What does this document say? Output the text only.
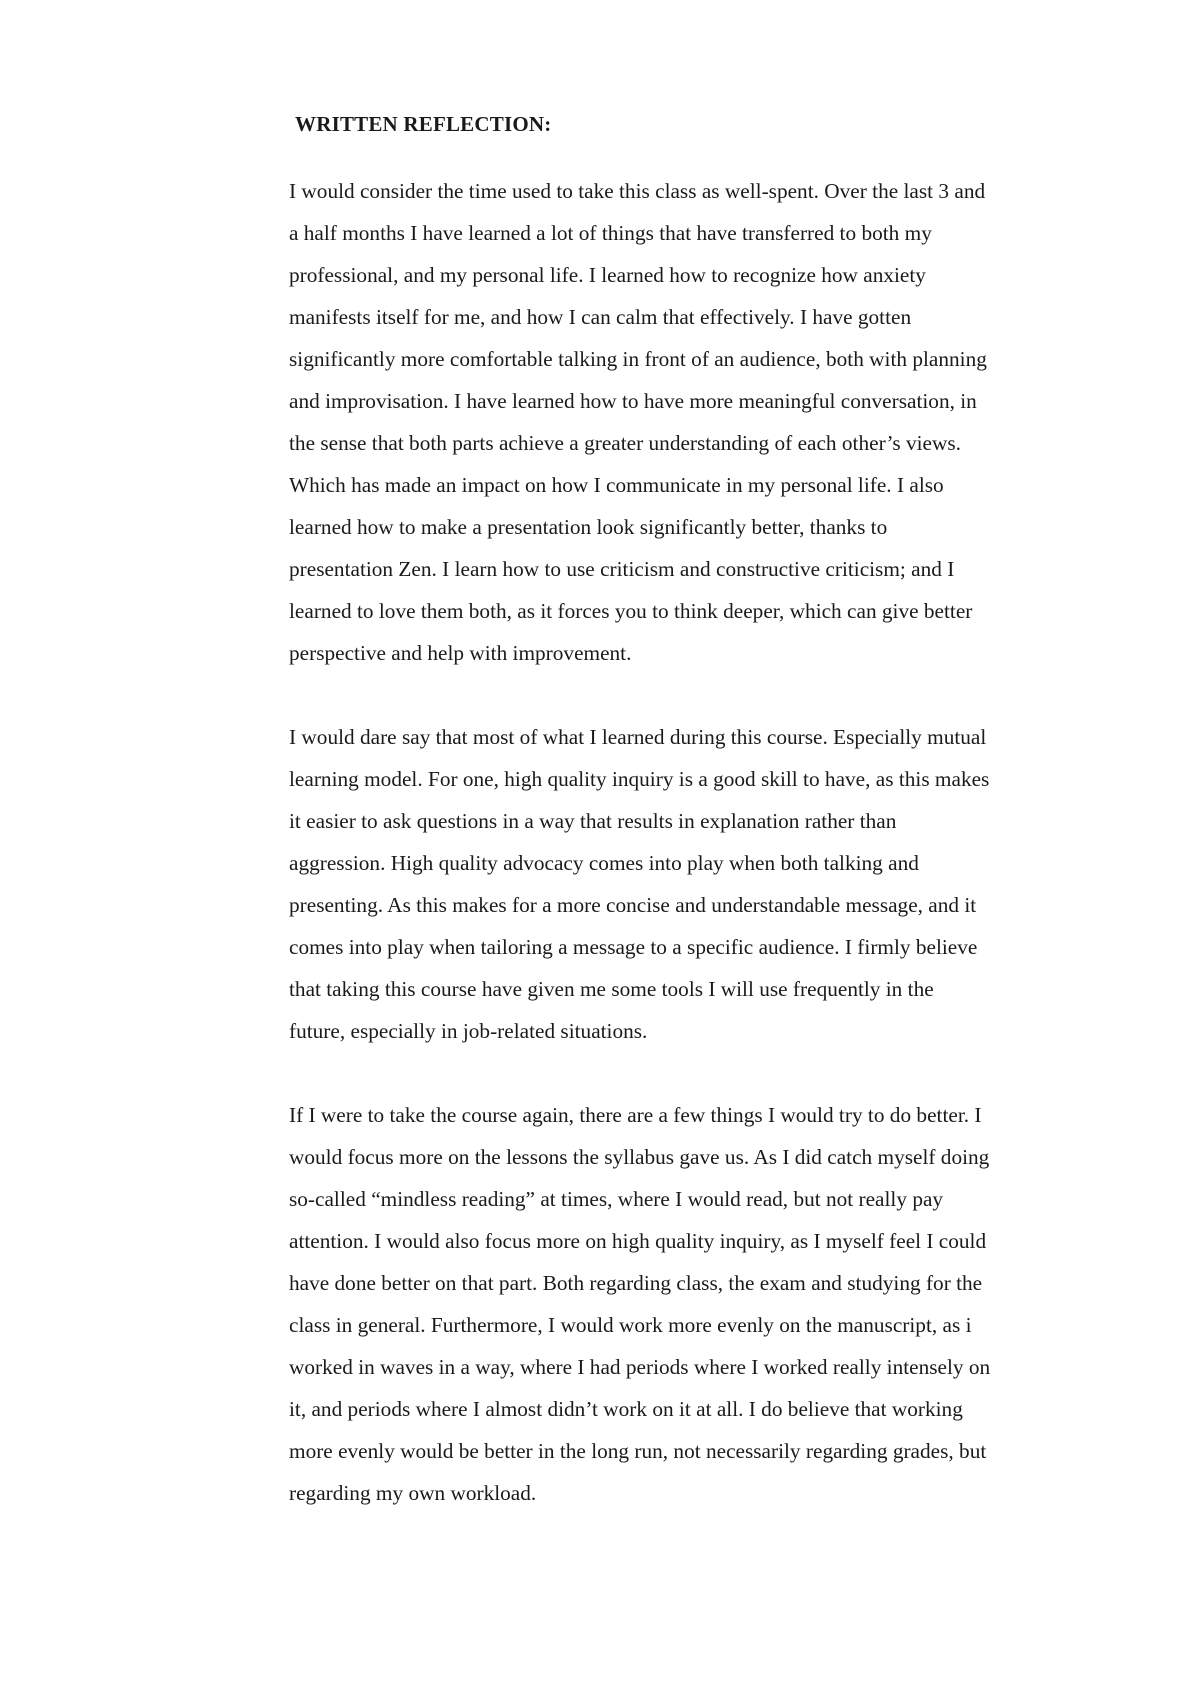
WRITTEN REFLECTION:
I would consider the time used to take this class as well-spent. Over the last 3 and
a half months I have learned a lot of things that have transferred to both my
professional, and my personal life. I learned how to recognize how anxiety
manifests itself for me, and how I can calm that effectively. I have gotten
significantly more comfortable talking in front of an audience, both with planning
and improvisation. I have learned how to have more meaningful conversation, in
the sense that both parts achieve a greater understanding of each other’s views.
Which has made an impact on how I communicate in my personal life. I also
learned how to make a presentation look significantly better, thanks to
presentation Zen. I learn how to use criticism and constructive criticism; and I
learned to love them both, as it forces you to think deeper, which can give better
perspective and help with improvement.
I would dare say that most of what I learned during this course. Especially mutual
learning model. For one, high quality inquiry is a good skill to have, as this makes
it easier to ask questions in a way that results in explanation rather than
aggression. High quality advocacy comes into play when both talking and
presenting. As this makes for a more concise and understandable message, and it
comes into play when tailoring a message to a specific audience. I firmly believe
that taking this course have given me some tools I will use frequently in the
future, especially in job-related situations.
If I were to take the course again, there are a few things I would try to do better. I
would focus more on the lessons the syllabus gave us. As I did catch myself doing
so-called “mindless reading” at times, where I would read, but not really pay
attention. I would also focus more on high quality inquiry, as I myself feel I could
have done better on that part. Both regarding class, the exam and studying for the
class in general. Furthermore, I would work more evenly on the manuscript, as i
worked in waves in a way, where I had periods where I worked really intensely on
it, and periods where I almost didn’t work on it at all. I do believe that working
more evenly would be better in the long run, not necessarily regarding grades, but
regarding my own workload.
